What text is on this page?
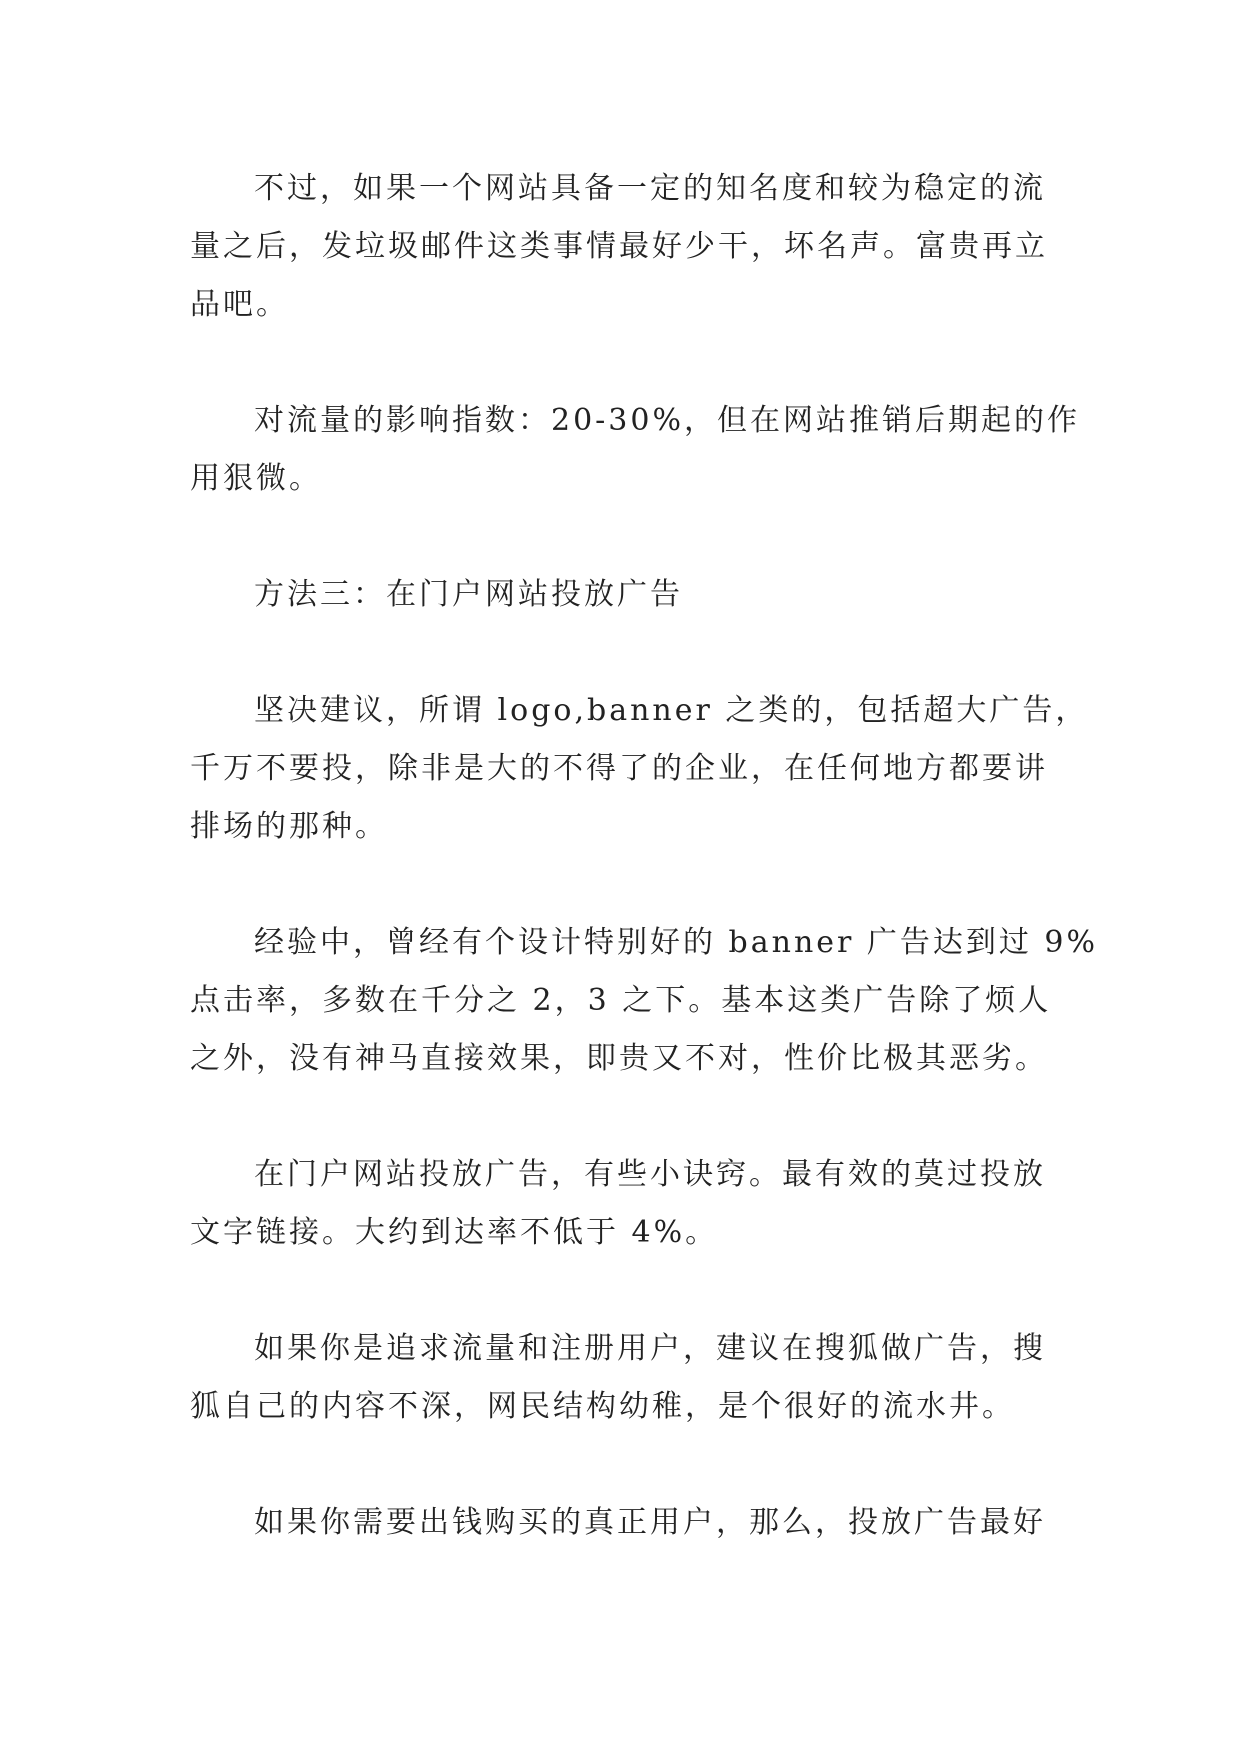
不过，如果一个网站具备一定的知名度和较为稳定的流
量之后，发垃圾邮件这类事情最好少干，坏名声。富贵再立
品吧。

对流量的影响指数：20-30%，但在网站推销后期起的作
用狠微。

方法三：在门户网站投放广告

坚决建议，所谓 logo,banner 之类的，包括超大广告，
千万不要投，除非是大的不得了的企业，在任何地方都要讲
排场的那种。

经验中，曾经有个设计特别好的 banner 广告达到过 9%
点击率，多数在千分之 2，3 之下。基本这类广告除了烦人
之外，没有神马直接效果，即贵又不对，性价比极其恶劣。

在门户网站投放广告，有些小诀窍。最有效的莫过投放
文字链接。大约到达率不低于 4%。

如果你是追求流量和注册用户，建议在搜狐做广告，搜
狐自己的内容不深，网民结构幼稚，是个很好的流水井。

如果你需要出钱购买的真正用户，那么，投放广告最好
